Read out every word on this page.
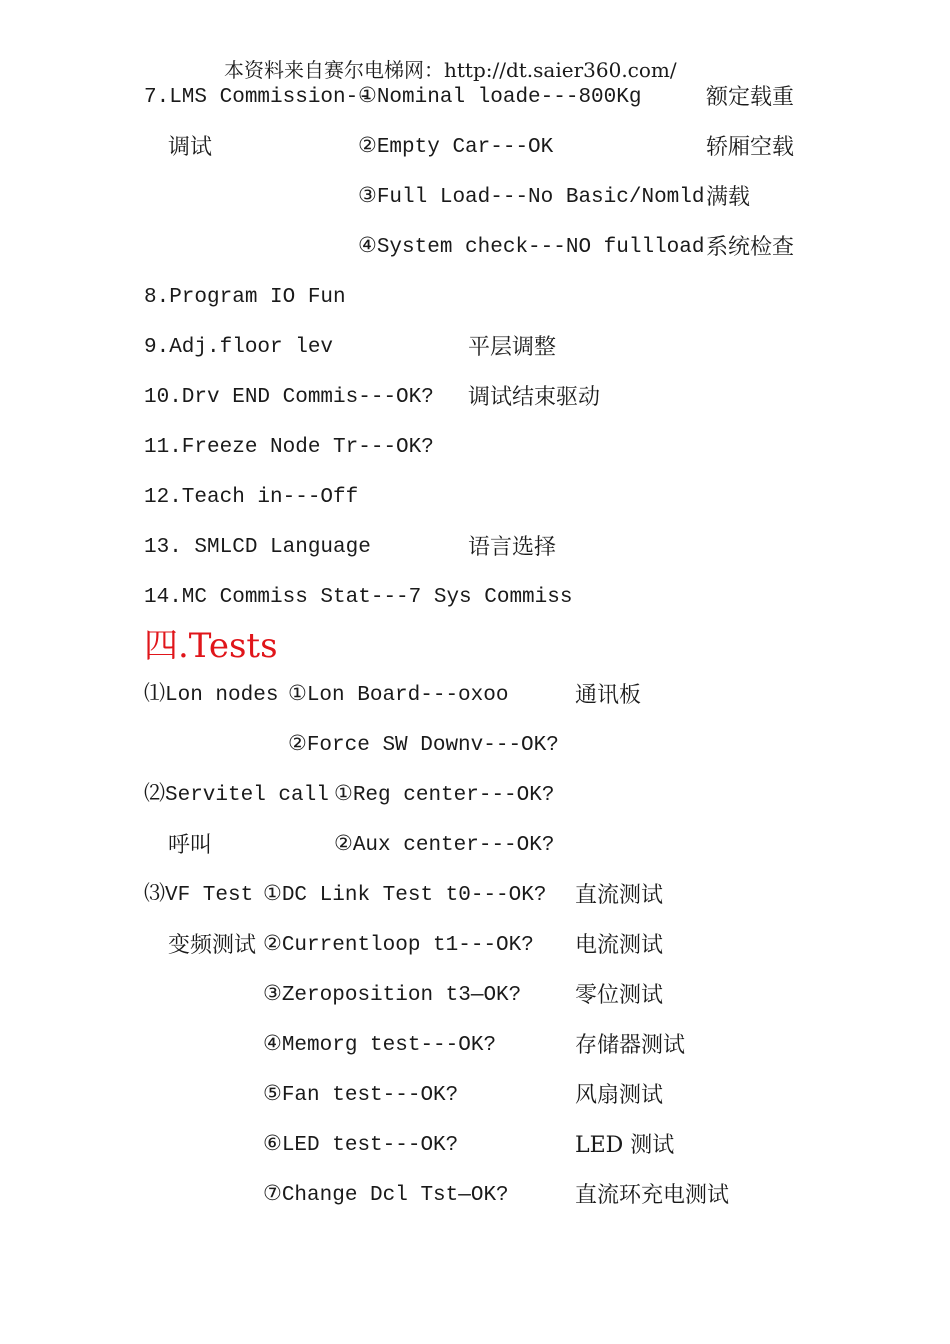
本资料来自赛尔电梯网：http://dt.saier360.com/
7.LMS Commission--
①Nominal loade---800Kg	额定载重
调试	②Empty Car---OK	轿厢空载
③Full Load---No Basic/Nomld 满载
④System check---NO fullload 系统检查
8.Program IO Fun
9.Adj.floor lev	平层调整
10.Drv END Commis---OK? 调试结束驱动
11.Freeze Node Tr---OK?
12.Teach in---Off
13. SMLCD Language	语言选择
14.MC Commiss Stat---7 Sys Commiss
四.Tests
⑴Lon nodes ①Lon Board---oxoo	通讯板
②Force SW Downv---OK?
⑵Servitel call ①Reg center---OK?
呼叫	②Aux center---OK?
⑶VF Test ①DC Link Test t0---OK? 直流测试
变频测试 ②Currentloop t1---OK? 电流测试
③Zeroposition t3—OK? 零位测试
④Memorg test---OK?	存储器测试
⑤Fan test---OK?	风扇测试
⑥LED test---OK?	LED 测试
⑦Change Dcl Tst—OK?	直流环充电测试
